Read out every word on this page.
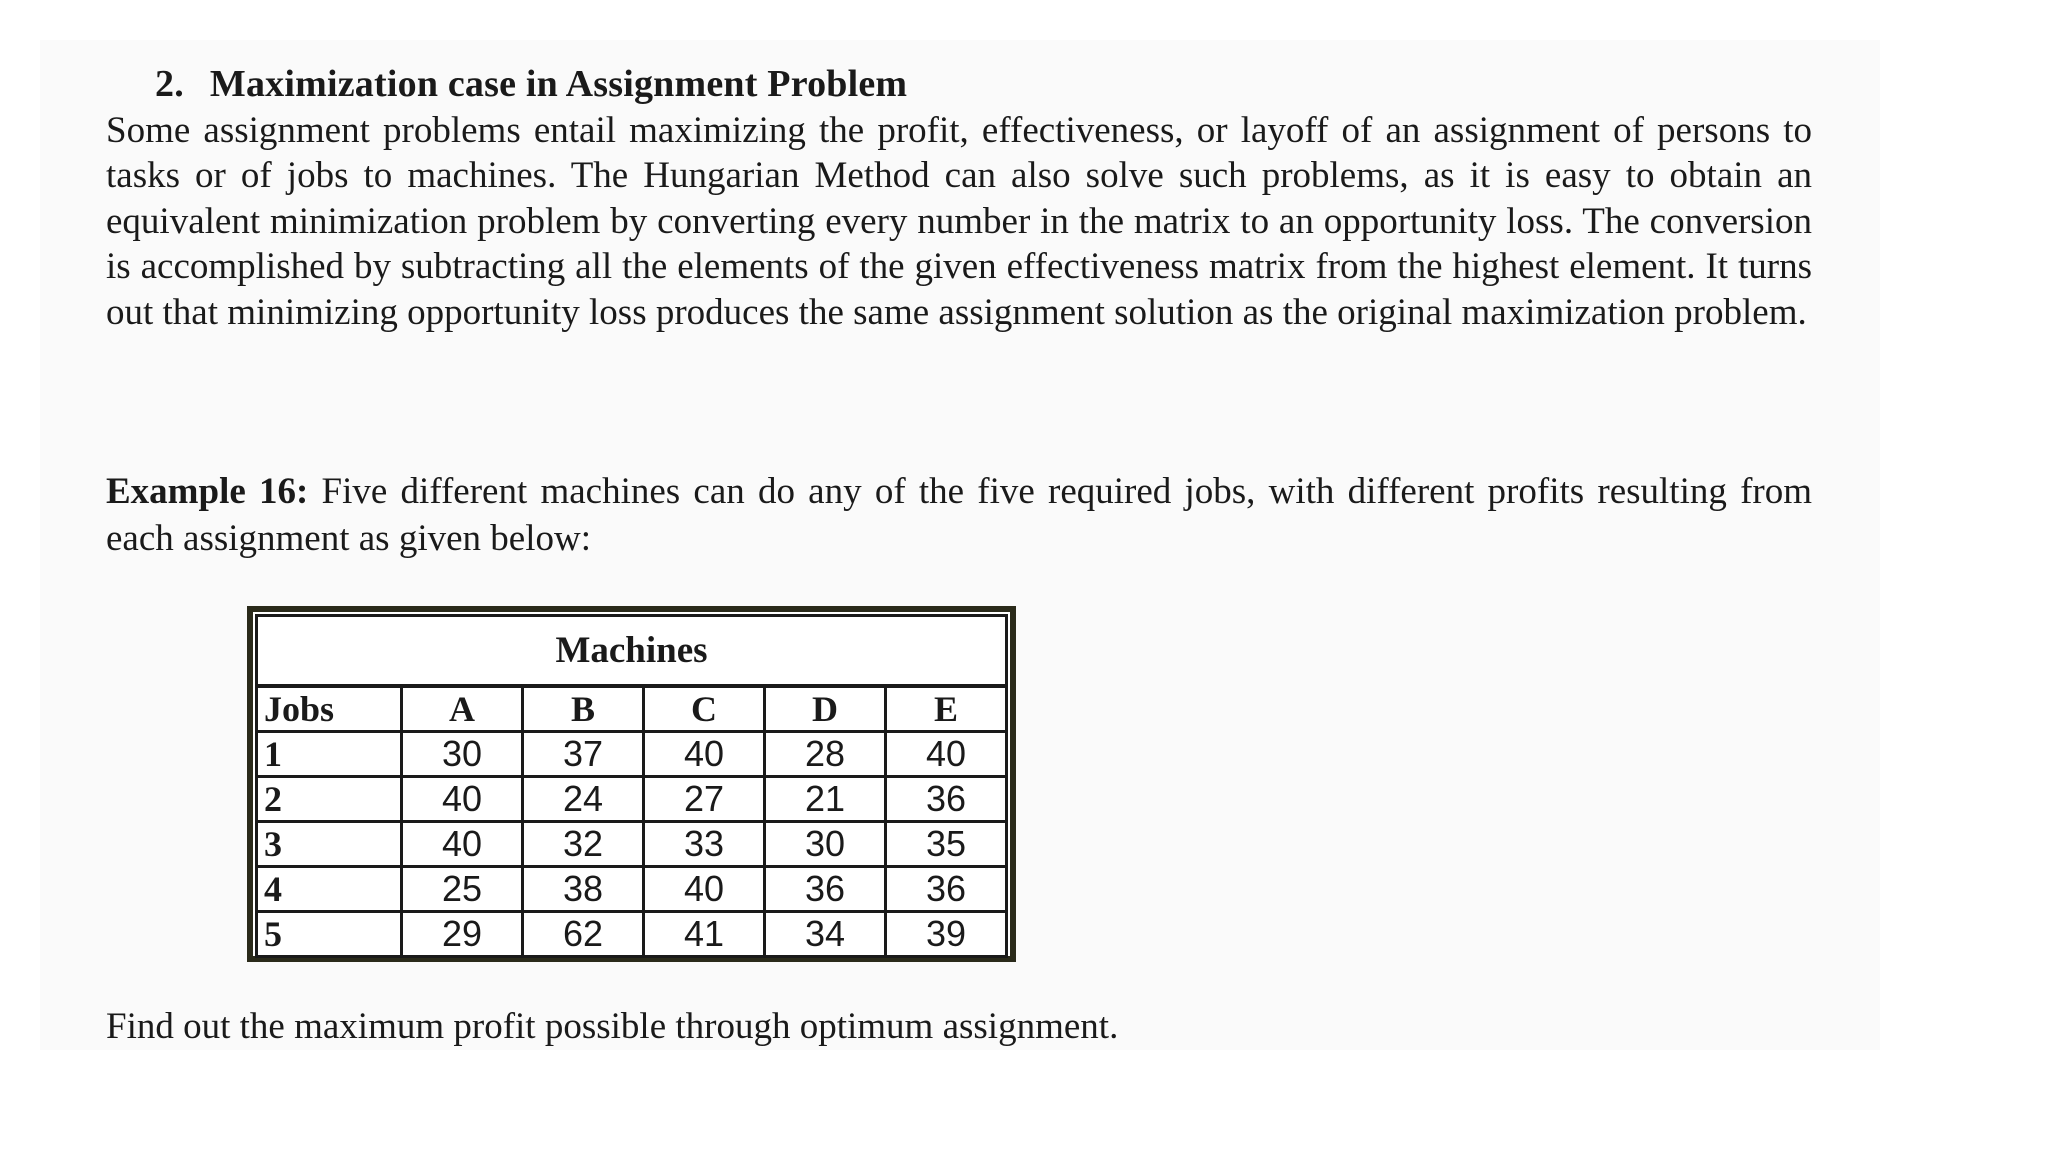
2. Maximization case in Assignment Problem

Some assignment problems entail maximizing the profit, effectiveness, or layoff of an assignment of persons to tasks or of jobs to machines. The Hungarian Method can also solve such problems, as it is easy to obtain an equivalent minimization problem by converting every number in the matrix to an opportunity loss. The conversion is accomplished by subtracting all the elements of the given effectiveness matrix from the highest element. It turns out that minimizing opportunity loss produces the same assignment solution as the original maximization problem.

Example 16: Five different machines can do any of the five required jobs, with different profits resulting from each assignment as given below:

Machines					
Jobs	A	B	C	D	E
1	30	37	40	28	40
2	40	24	27	21	36
3	40	32	33	30	35
4	25	38	40	36	36
5	29	62	41	34	39

Find out the maximum profit possible through optimum assignment.
